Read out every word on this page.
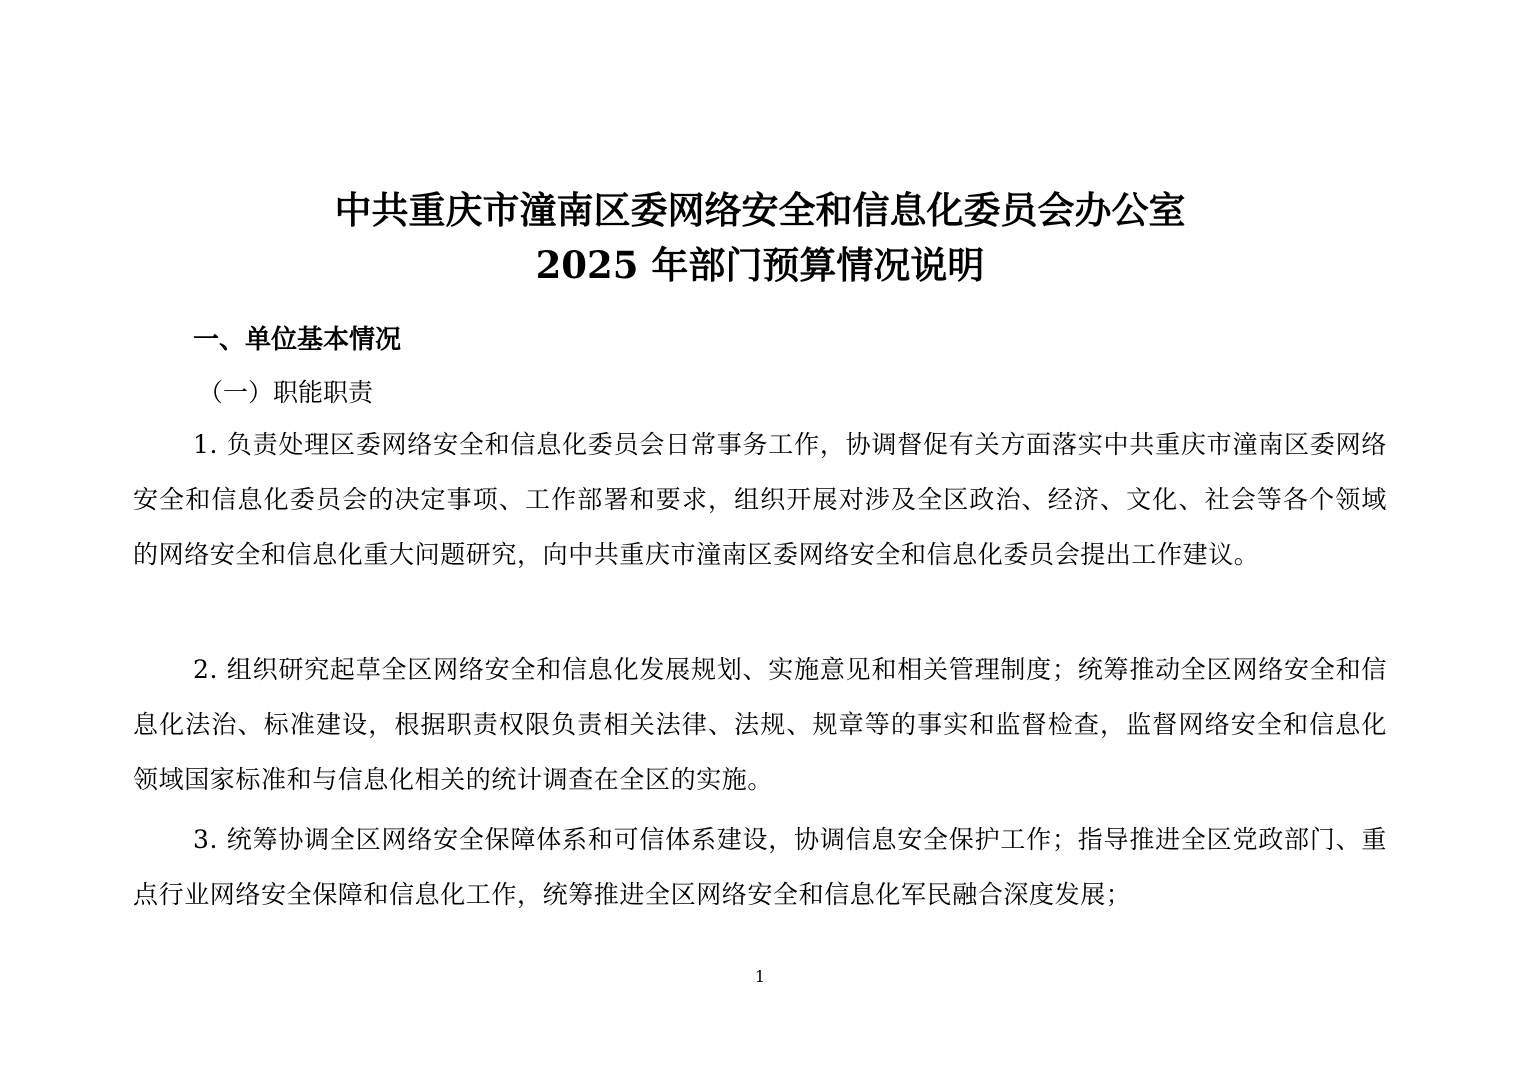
中共重庆市潼南区委网络安全和信息化委员会办公室
2025 年部门预算情况说明
一、单位基本情况
（一）职能职责

1. 负责处理区委网络安全和信息化委员会日常事务工作，协调督促有关方面落实中共重庆市潼南区委网络安全和信息化委员会的决定事项、工作部署和要求，组织开展对涉及全区政治、经济、文化、社会等各个领域的网络安全和信息化重大问题研究，向中共重庆市潼南区委网络安全和信息化委员会提出工作建议。

2. 组织研究起草全区网络安全和信息化发展规划、实施意见和相关管理制度；统筹推动全区网络安全和信息化法治、标准建设，根据职责权限负责相关法律、法规、规章等的事实和监督检查，监督网络安全和信息化领域国家标准和与信息化相关的统计调查在全区的实施。

3. 统筹协调全区网络安全保障体系和可信体系建设，协调信息安全保护工作；指导推进全区党政部门、重点行业网络安全保障和信息化工作，统筹推进全区网络安全和信息化军民融合深度发展；

1
